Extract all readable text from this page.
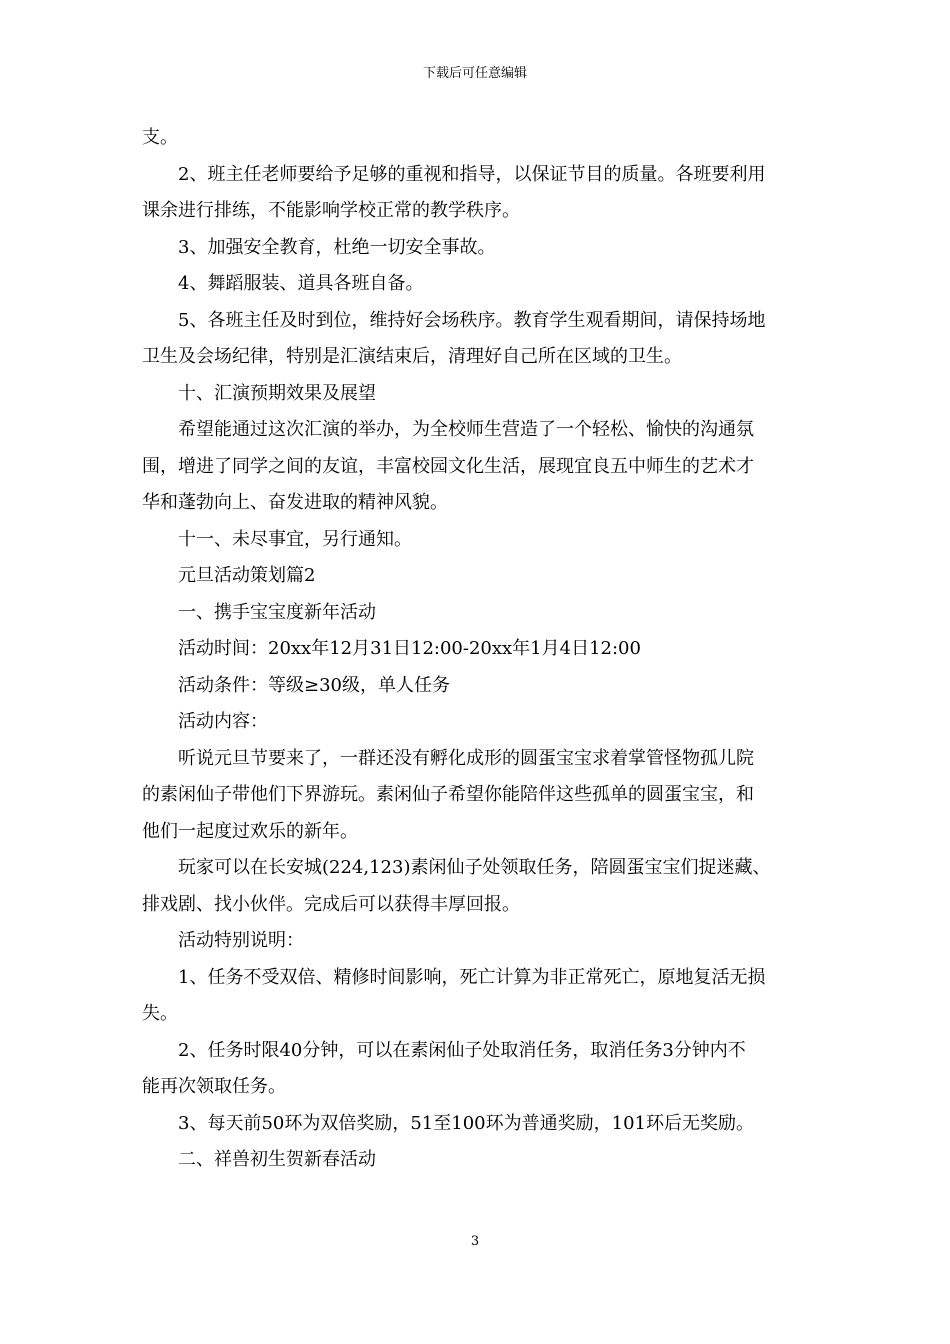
下载后可任意编辑

支。

2、班主任老师要给予足够的重视和指导，以保证节目的质量。各班要利用

课余进行排练，不能影响学校正常的教学秩序。

3、加强安全教育，杜绝一切安全事故。

4、舞蹈服装、道具各班自备。

5、各班主任及时到位，维持好会场秩序。教育学生观看期间，请保持场地

卫生及会场纪律，特别是汇演结束后，清理好自己所在区域的卫生。

十、汇演预期效果及展望

希望能通过这次汇演的举办，为全校师生营造了一个轻松、愉快的沟通氛

围，增进了同学之间的友谊，丰富校园文化生活，展现宜良五中师生的艺术才

华和蓬勃向上、奋发进取的精神风貌。

十一、未尽事宜，另行通知。

元旦活动策划篇2

一、携手宝宝度新年活动

活动时间：20xx年12月31日12:00-20xx年1月4日12:00

活动条件：等级≥30级，单人任务

活动内容：

听说元旦节要来了，一群还没有孵化成形的圆蛋宝宝求着掌管怪物孤儿院

的素闲仙子带他们下界游玩。素闲仙子希望你能陪伴这些孤单的圆蛋宝宝，和

他们一起度过欢乐的新年。

玩家可以在长安城(224,123)素闲仙子处领取任务，陪圆蛋宝宝们捉迷藏、

排戏剧、找小伙伴。完成后可以获得丰厚回报。

活动特别说明：

1、任务不受双倍、精修时间影响，死亡计算为非正常死亡，原地复活无损

失。

2、任务时限40分钟，可以在素闲仙子处取消任务，取消任务3分钟内不

能再次领取任务。

3、每天前50环为双倍奖励，51至100环为普通奖励，101环后无奖励。

二、祥兽初生贺新春活动

3
